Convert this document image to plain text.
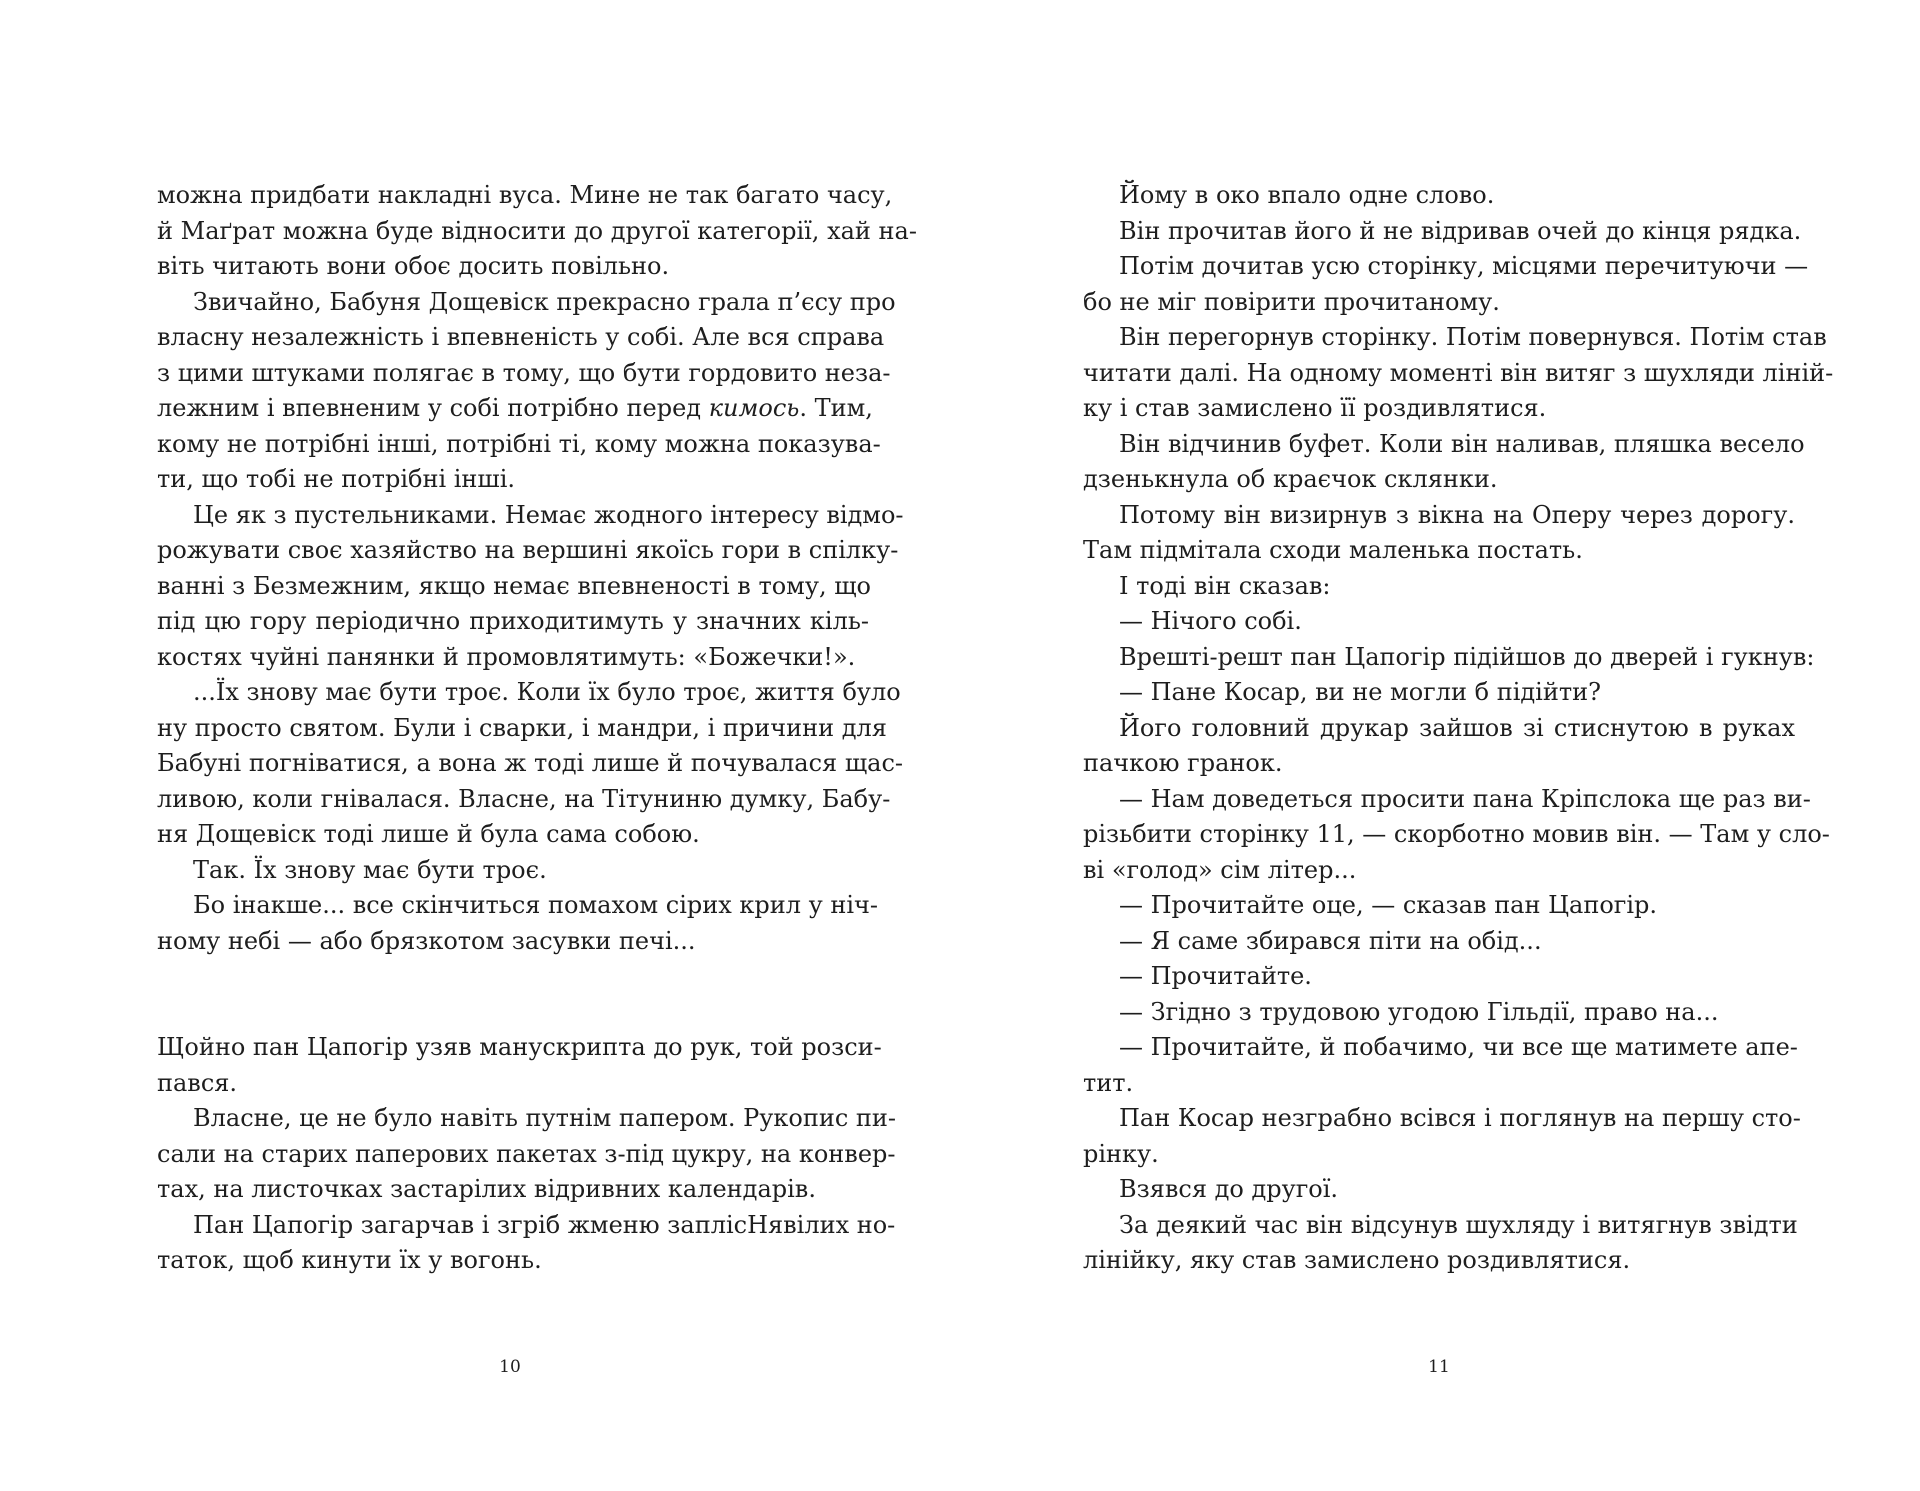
можна придбати накладні вуса. Мине не так багато часу,
й Маґрат можна буде відносити до другої категорії, хай на-
віть читають вони обоє досить повільно.
Звичайно, Бабуня Дощевіск прекрасно грала п’єсу про
власну незалежність і впевненість у собі. Але вся справа
з цими штуками полягає в тому, що бути гордовито неза-
лежним і впевненим у собі потрібно перед кимось. Тим,
кому не потрібні інші, потрібні ті, кому можна показува-
ти, що тобі не потрібні інші.
Це як з пустельниками. Немає жодного інтересу відмо-
рожувати своє хазяйство на вершині якоїсь гори в спілку-
ванні з Безмежним, якщо немає впевненості в тому, що
під цю гору періодично приходитимуть у значних кіль-
костях чуйні панянки й промовлятимуть: «Божечки!».
...Їх знову має бути троє. Коли їх було троє, життя було
ну просто святом. Були і сварки, і мандри, і причини для
Бабуні погніватися, а вона ж тоді лише й почувалася щас-
ливою, коли гнівалася. Власне, на Тітуниню думку, Бабу-
ня Дощевіск тоді лише й була сама собою.
Так. Їх знову має бути троє.
Бо інакше... все скінчиться помахом сірих крил у ніч-
ному небі — або брязкотом засувки печі...
Щойно пан Цапогір узяв манускрипта до рук, той розси-
пався.
Власне, це не було навіть путнім папером. Рукопис пи-
сали на старих паперових пакетах з-під цукру, на конвер-
тах, на листочках застарілих відривних календарів.
Пан Цапогір загарчав і згріб жменю заплісНявілих но-
таток, щоб кинути їх у вогонь.
Йому в око впало одне слово.
Він прочитав його й не відривав очей до кінця рядка.
Потім дочитав усю сторінку, місцями перечитуючи —
бо не міг повірити прочитаному.
Він перегорнув сторінку. Потім повернувся. Потім став
читати далі. На одному моменті він витяг з шухляди ліній-
ку і став замислено її роздивлятися.
Він відчинив буфет. Коли він наливав, пляшка весело
дзенькнула об краєчок склянки.
Потому він визирнув з вікна на Оперу через дорогу.
Там підмітала сходи маленька постать.
І тоді він сказав:
— Нічого собі.
Врешті-решт пан Цапогір підійшов до дверей і гукнув:
— Пане Косар, ви не могли б підійти?
Його головний друкар зайшов зі стиснутою в руках
пачкою гранок.
— Нам доведеться просити пана Кріпслока ще раз ви-
різьбити сторінку 11, — скорботно мовив він. — Там у сло-
ві «голод» сім літер...
— Прочитайте оце, — сказав пан Цапогір.
— Я саме збирався піти на обід...
— Прочитайте.
— Згідно з трудовою угодою Гільдії, право на...
— Прочитайте, й побачимо, чи все ще матимете апе-
тит.
Пан Косар незграбно всівся і поглянув на першу сто-
рінку.
Взявся до другої.
За деякий час він відсунув шухляду і витягнув звідти
лінійку, яку став замислено роздивлятися.
10	11
